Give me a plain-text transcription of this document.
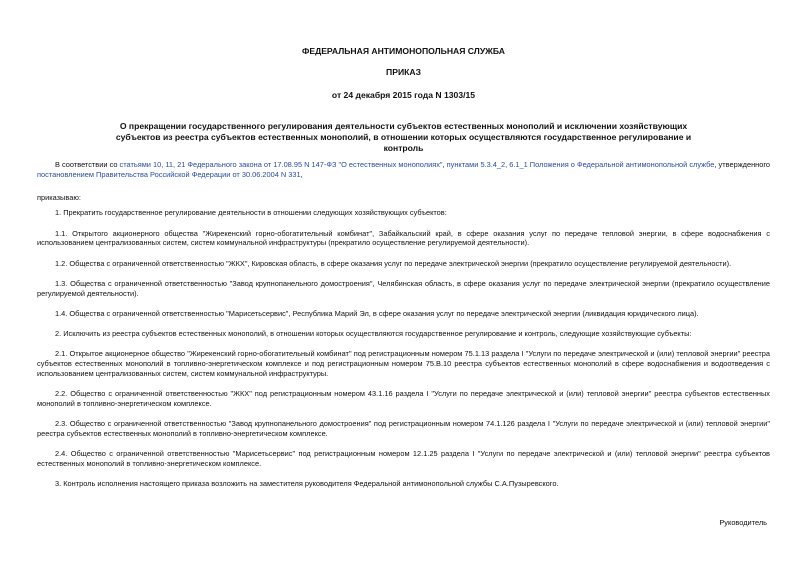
ФЕДЕРАЛЬНАЯ АНТИМОНОПОЛЬНАЯ СЛУЖБА
ПРИКАЗ
от 24 декабря 2015 года N 1303/15
О прекращении государственного регулирования деятельности субъектов естественных монополий и исключении хозяйствующих субъектов из реестра субъектов естественных монополий, в отношении которых осуществляются государственное регулирование и контроль

В соответствии со статьями 10, 11, 21 Федерального закона от 17.08.95 N 147-ФЗ "О естественных монополиях", пунктами 5.3.4_2, 6.1_1 Положения о Федеральной антимонопольной службе, утвержденного постановлением Правительства Российской Федерации от 30.06.2004 N 331,

приказываю:

1. Прекратить государственное регулирование деятельности в отношении следующих хозяйствующих субъектов:

1.1. Открытого акционерного общества "Жирекенский горно-обогатительный комбинат", Забайкальский край, в сфере оказания услуг по передаче тепловой энергии, в сфере водоснабжения с использованием централизованных систем, систем коммунальной инфраструктуры (прекратило осуществление регулируемой деятельности).

1.2. Общества с ограниченной ответственностью "ЖКХ", Кировская область, в сфере оказания услуг по передаче электрической энергии (прекратило осуществление регулируемой деятельности).

1.3. Общества с ограниченной ответственностью "Завод крупнопанельного домостроения", Челябинская область, в сфере оказания услуг по передаче электрической энергии (прекратило осуществление регулируемой деятельности).

1.4. Общества с ограниченной ответственностью "Марисетьсервис", Республика Марий Эл, в сфере оказания услуг по передаче электрической энергии (ликвидация юридического лица).

2. Исключить из реестра субъектов естественных монополий, в отношении которых осуществляются государственное регулирование и контроль, следующие хозяйствующие субъекты:

2.1. Открытое акционерное общество "Жирекенский горно-обогатительный комбинат" под регистрационным номером 75.1.13 раздела I "Услуги по передаче электрической и (или) тепловой энергии" реестра субъектов естественных монополий в топливно-энергетическом комплексе и под регистрационным номером 75.В.10 реестра субъектов естественных монополий в сфере водоснабжения и водоотведения с использованием централизованных систем, систем коммунальной инфраструктуры.

2.2. Общество с ограниченной ответственностью "ЖКХ" под регистрационным номером 43.1.16 раздела I "Услуги по передаче электрической и (или) тепловой энергии" реестра субъектов естественных монополий в топливно-энергетическом комплексе.

2.3. Общество с ограниченной ответственностью "Завод крупнопанельного домостроения" под регистрационным номером 74.1.126 раздела I "Услуги по передаче электрической и (или) тепловой энергии" реестра субъектов естественных монополий в топливно-энергетическом комплексе.

2.4. Общество с ограниченной ответственностью "Марисетьсервис" под регистрационным номером 12.1.25 раздела I "Услуги по передаче электрической и (или) тепловой энергии" реестра субъектов естественных монополий в топливно-энергетическом комплексе.

3. Контроль исполнения настоящего приказа возложить на заместителя руководителя Федеральной антимонопольной службы С.А.Пузыревского.

Руководитель
